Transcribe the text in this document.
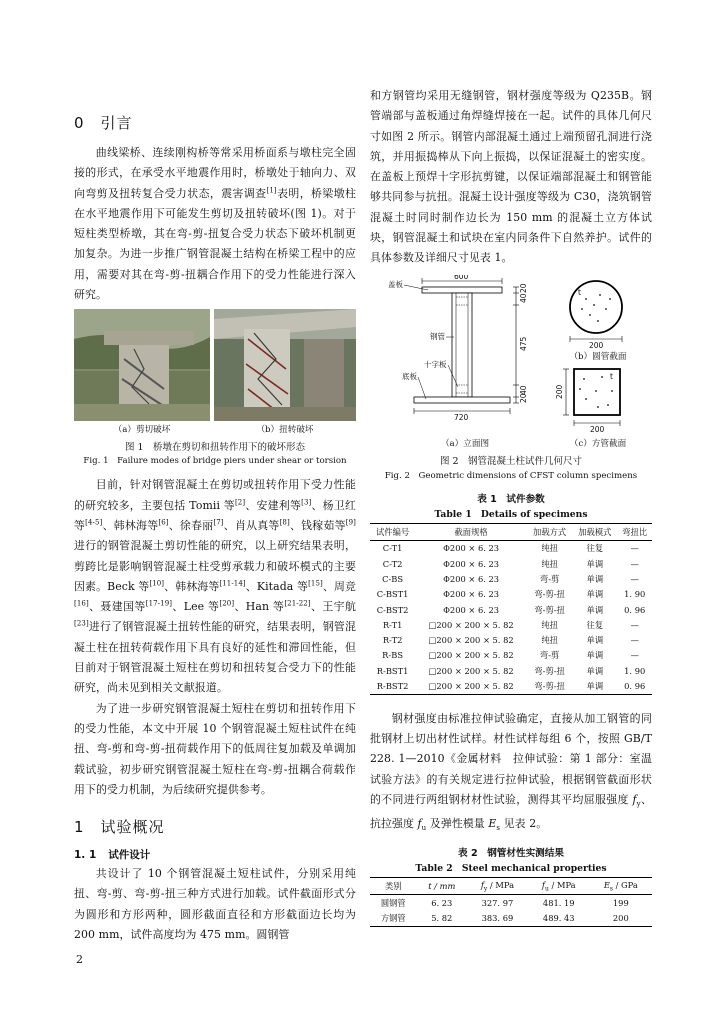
0 引言

曲线梁桥、连续刚构桥等常采用桥面系与墩柱完全固接的形式，在承受水平地震作用时，桥墩处于轴向力、双向弯剪及扭转复合受力状态，震害调查[1]表明，桥梁墩柱在水平地震作用下可能发生剪切及扭转破坏(图 1)。对于短柱类型桥墩，其在弯-剪-扭复合受力状态下破坏机制更加复杂。为进一步推广钢管混凝土结构在桥梁工程中的应用，需要对其在弯-剪-扭耦合作用下的受力性能进行深入研究。

（a）剪切破坏	（b）扭转破坏
图 1　桥墩在剪切和扭转作用下的破坏形态
Fig. 1　Failure modes of bridge piers under shear or torsion

目前，针对钢管混凝土在剪切或扭转作用下受力性能的研究较多，主要包括 Tomii 等[2]、安建利等[3]、杨卫红等[4-5]、韩林海等[6]、徐春丽[7]、肖从真等[8]、钱稼茹等[9]进行的钢管混凝土剪切性能的研究，以上研究结果表明，剪跨比是影响钢管混凝土柱受剪承载力和破坏模式的主要因素。Beck 等[10]、韩林海等[11-14]、Kitada 等[15]、周竞[16]、聂建国等[17-19]、Lee 等[20]、Han 等[21-22]、王宇航[23]进行了钢管混凝土扭转性能的研究，结果表明，钢管混凝土柱在扭转荷载作用下具有良好的延性和滞回性能，但目前对于钢管混凝土短柱在剪切和扭转复合受力下的性能研究，尚未见到相关文献报道。

为了进一步研究钢管混凝土短柱在剪切和扭转作用下的受力性能，本文中开展 10 个钢管混凝土短柱试件在纯扭、弯-剪和弯-剪-扭荷载作用下的低周往复加载及单调加载试验，初步研究钢管混凝土短柱在弯-剪-扭耦合荷载作用下的受力机制，为后续研究提供参考。

1 试验概况
1. 1 试件设计

共设计了 10 个钢管混凝土短柱试件，分别采用纯扭、弯-剪、弯-剪-扭三种方式进行加载。试件截面形式分为圆形和方形两种，圆形截面直径和方形截面边长均为 200 mm，试件高度均为 475 mm。圆钢管

和方钢管均采用无缝钢管，钢材强度等级为 Q235B。钢管端部与盖板通过角焊缝焊接在一起。试件的具体几何尺寸如图 2 所示。钢管内部混凝土通过上端预留孔洞进行浇筑，并用振捣棒从下向上振捣，以保证混凝土的密实度。在盖板上预焊十字形抗剪键，以保证端部混凝土和钢管能够共同参与抗扭。混凝土设计强度等级为 C30，浇筑钢管混凝土时同时制作边长为 150 mm 的混凝土立方体试块，钢管混凝土和试块在室内同条件下自然养护。试件的具体参数及详细尺寸见表 1。

600
盖板
钢管
十字板
底板
20
40
475
40
20
720
t
200
t
200
200
（b）圆管截面
（a）立面图	（c）方管截面
图 2　钢管混凝土柱试件几何尺寸
Fig. 2　Geometric dimensions of CFST column specimens
表 1　试件参数
Table 1　Details of specimens
试件编号	截面规格	加载方式	加载模式	弯扭比
C-T1	Φ200 × 6. 23	纯扭	往复	—
C-T2	Φ200 × 6. 23	纯扭	单调	—
C-BS	Φ200 × 6. 23	弯-剪	单调	—
C-BST1	Φ200 × 6. 23	弯-剪-扭	单调	1. 90
C-BST2	Φ200 × 6. 23	弯-剪-扭	单调	0. 96
R-T1	□200 × 200 × 5. 82	纯扭	往复	—
R-T2	□200 × 200 × 5. 82	纯扭	单调	—
R-BS	□200 × 200 × 5. 82	弯-剪	单调	—
R-BST1	□200 × 200 × 5. 82	弯-剪-扭	单调	1. 90
R-BST2	□200 × 200 × 5. 82	弯-剪-扭	单调	0. 96

钢材强度由标准拉伸试验确定，直接从加工钢管的同批钢材上切出材性试样。材性试样每组 6 个，按照 GB/T 228. 1—2010《金属材料　拉伸试验：第 1 部分：室温试验方法》的有关规定进行拉伸试验，根据钢管截面形状的不同进行两组钢材材性试验，测得其平均屈服强度 $f_y$、抗拉强度 $f_u$ 及弹性模量 $E_s$ 见表 2。

表 2　钢管材性实测结果
Table 2　Steel mechanical properties
类别	t / mm	$f_y$ / MPa	$f_u$ / MPa	$E_s$ / GPa
圆钢管	6. 23	327. 97	481. 19	199
方钢管	5. 82	383. 69	489. 43	200
2
